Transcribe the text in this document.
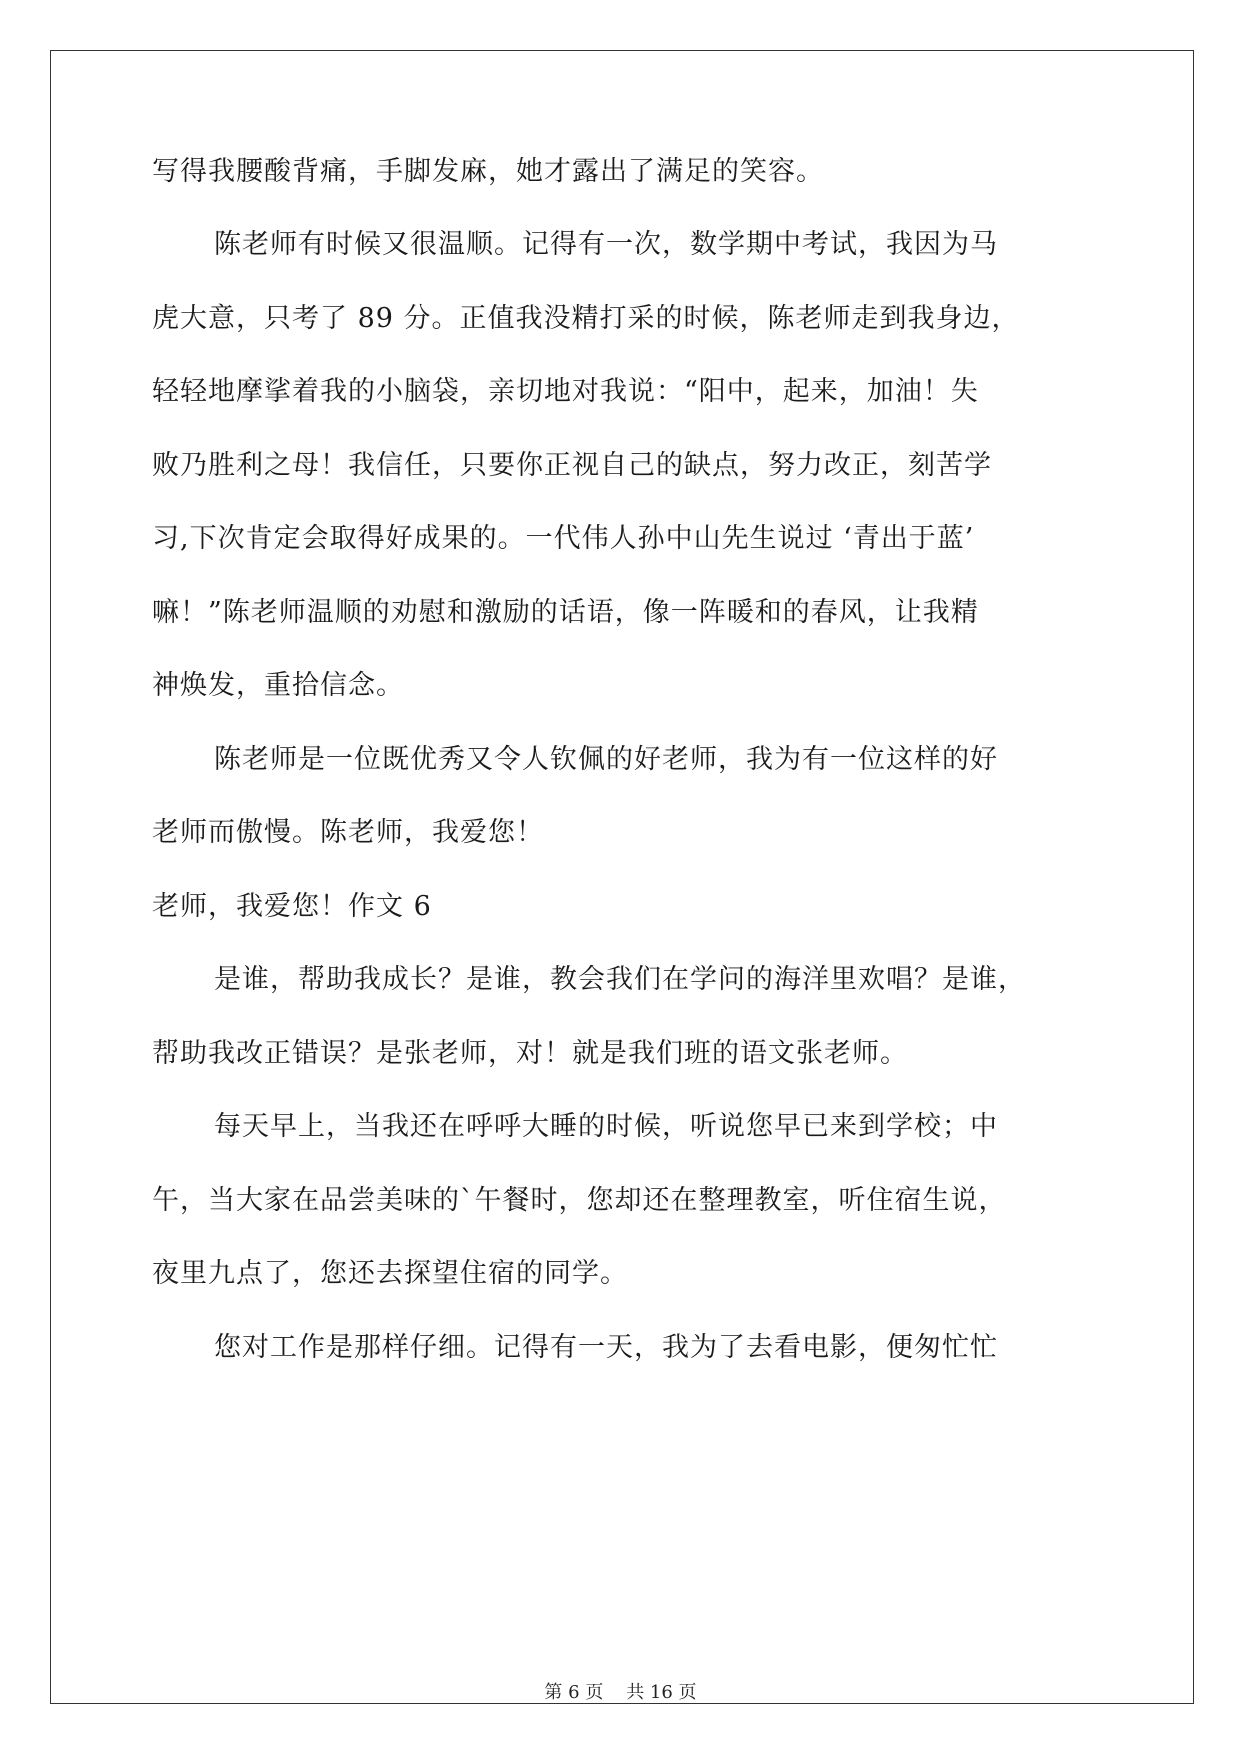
写得我腰酸背痛，手脚发麻，她才露出了满足的笑容。
陈老师有时候又很温顺。记得有一次，数学期中考试，我因为马
虎大意，只考了 89 分。正值我没精打采的时候，陈老师走到我身边，
轻轻地摩挲着我的小脑袋，亲切地对我说：“阳中，起来，加油！失
败乃胜利之母！我信任，只要你正视自己的缺点，努力改正，刻苦学
习,下次肯定会取得好成果的。一代伟人孙中山先生说过 ‘青出于蓝’
嘛！”陈老师温顺的劝慰和激励的话语，像一阵暖和的春风，让我精
神焕发，重拾信念。
陈老师是一位既优秀又令人钦佩的好老师，我为有一位这样的好
老师而傲慢。陈老师，我爱您！
老师，我爱您！作文 6
是谁，帮助我成长？是谁，教会我们在学问的海洋里欢唱？是谁，
帮助我改正错误？是张老师，对！就是我们班的语文张老师。
每天早上，当我还在呼呼大睡的时候，听说您早已来到学校；中
午，当大家在品尝美味的`午餐时，您却还在整理教室，听住宿生说，
夜里九点了，您还去探望住宿的同学。
您对工作是那样仔细。记得有一天，我为了去看电影，便匆忙忙
第 6 页    共 16 页
